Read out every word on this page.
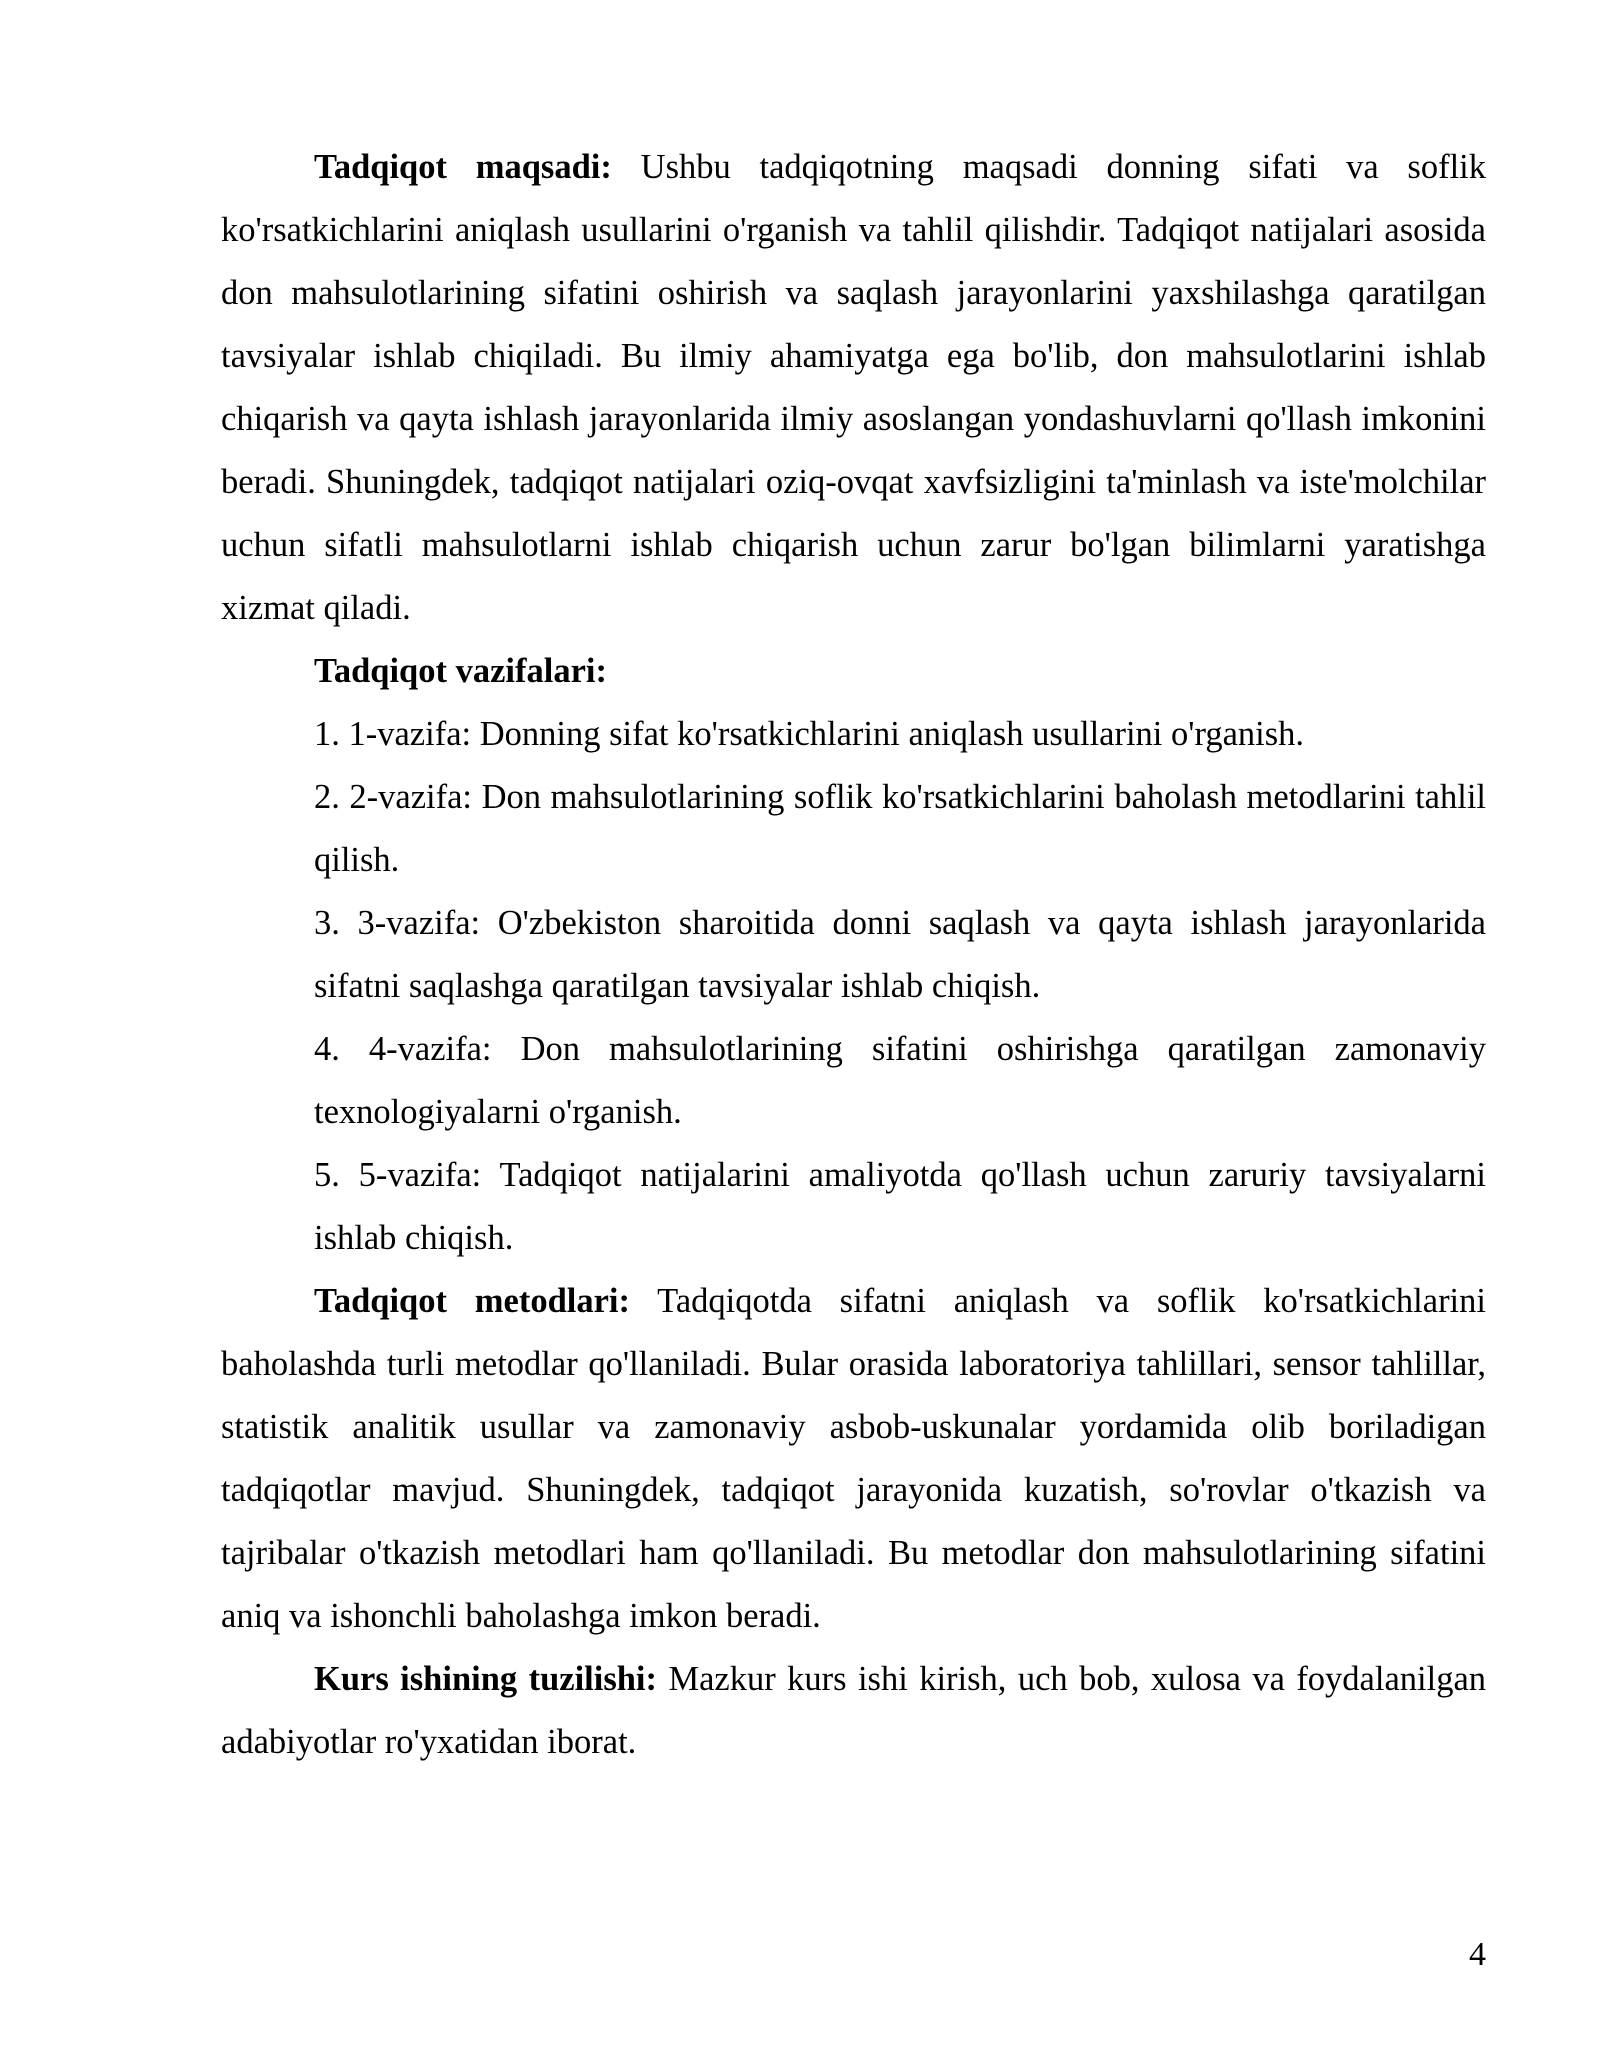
Tadqiqot maqsadi: Ushbu tadqiqotning maqsadi donning sifati va soflik ko'rsatkichlarini aniqlash usullarini o'rganish va tahlil qilishdir. Tadqiqot natijalari asosida don mahsulotlarining sifatini oshirish va saqlash jarayonlarini yaxshilashga qaratilgan tavsiyalar ishlab chiqiladi. Bu ilmiy ahamiyatga ega bo'lib, don mahsulotlarini ishlab chiqarish va qayta ishlash jarayonlarida ilmiy asoslangan yondashuvlarni qo'llash imkonini beradi. Shuningdek, tadqiqot natijalari oziq-ovqat xavfsizligini ta'minlash va iste'molchilar uchun sifatli mahsulotlarni ishlab chiqarish uchun zarur bo'lgan bilimlarni yaratishga xizmat qiladi.

Tadqiqot vazifalari:

1. 1-vazifa: Donning sifat ko'rsatkichlarini aniqlash usullarini o'rganish.

2. 2-vazifa: Don mahsulotlarining soflik ko'rsatkichlarini baholash metodlarini tahlil qilish.

3. 3-vazifa: O'zbekiston sharoitida donni saqlash va qayta ishlash jarayonlarida sifatni saqlashga qaratilgan tavsiyalar ishlab chiqish.

4. 4-vazifa: Don mahsulotlarining sifatini oshirishga qaratilgan zamonaviy texnologiyalarni o'rganish.

5. 5-vazifa: Tadqiqot natijalarini amaliyotda qo'llash uchun zaruriy tavsiyalarni ishlab chiqish.

Tadqiqot metodlari: Tadqiqotda sifatni aniqlash va soflik ko'rsatkichlarini baholashda turli metodlar qo'llaniladi. Bular orasida laboratoriya tahlillari, sensor tahlillar, statistik analitik usullar va zamonaviy asbob-uskunalar yordamida olib boriladigan tadqiqotlar mavjud. Shuningdek, tadqiqot jarayonida kuzatish, so'rovlar o'tkazish va tajribalar o'tkazish metodlari ham qo'llaniladi. Bu metodlar don mahsulotlarining sifatini aniq va ishonchli baholashga imkon beradi.

Kurs ishining tuzilishi: Mazkur kurs ishi kirish, uch bob, xulosa va foydalanilgan adabiyotlar ro'yxatidan iborat.

4
